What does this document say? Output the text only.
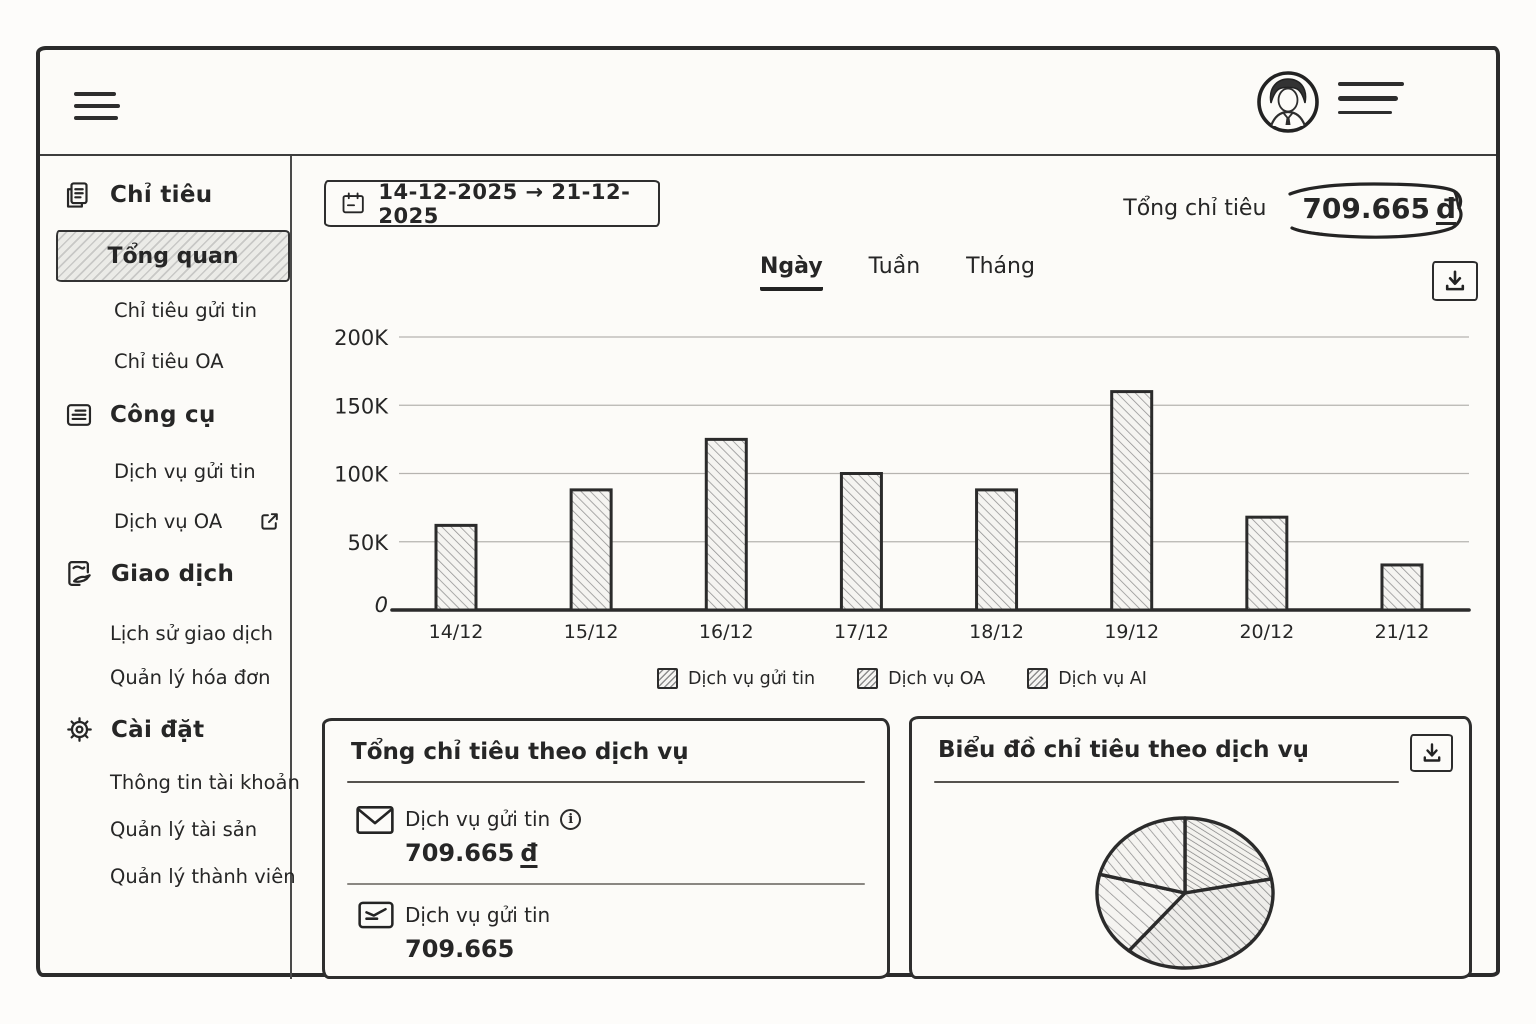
Chỉ tiêu
Tổng quan
Chỉ tiêu gửi tin
Chỉ tiêu OA
Công cụ
Dịch vụ gửi tin
Dịch vụ OA
Giao dịch
Lịch sử giao dịch
Quản lý hóa đơn
Cài đặt
Thông tin tài khoản
Quản lý tài sản
Quản lý thành viên
14-12-2025 → 21-12-2025	Tổng chỉ tiêu	709.665 đ
Ngày Tuần Tháng
0
50K
100K
150K
200K
14/12	15/12	16/12	17/12	18/12	19/12	20/12	21/12
Dịch vụ gửi tin	Dịch vụ OA	Dịch vụ AI
Tổng chỉ tiêu theo dịch vụ
Dịch vụ gửi tin	i
709.665 đ
Dịch vụ gửi tin
709.665
Biểu đồ chỉ tiêu theo dịch vụ
